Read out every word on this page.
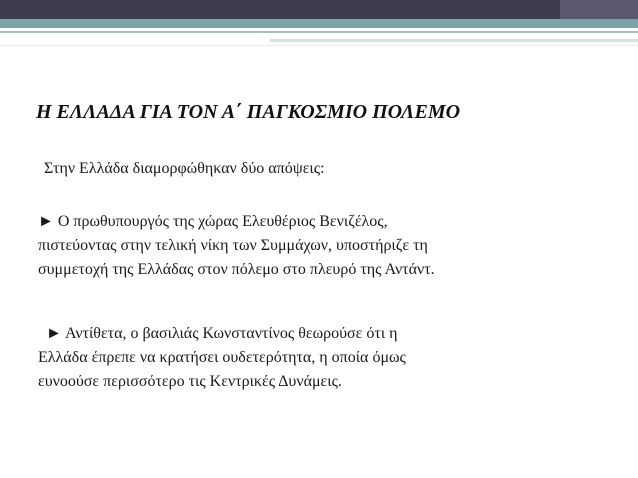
Η ΕΛΛΑΔΑ ΓΙΑ ΤΟΝ Α΄ ΠΑΓΚΟΣΜΙΟ ΠΟΛΕΜΟ

Στην Ελλάδα διαμορφώθηκαν δύο απόψεις:

► Ο πρωθυπουργός της χώρας Ελευθέριος Βενιζέλος,
πιστεύοντας στην τελική νίκη των Συμμάχων, υποστήριζε τη
συμμετοχή της Ελλάδας στον πόλεμο στο πλευρό της Αντάντ.

► Αντίθετα, ο βασιλιάς Κωνσταντίνος θεωρούσε ότι η
Ελλάδα έπρεπε να κρατήσει ουδετερότητα, η οποία όμως
ευνοούσε περισσότερο τις Κεντρικές Δυνάμεις.
